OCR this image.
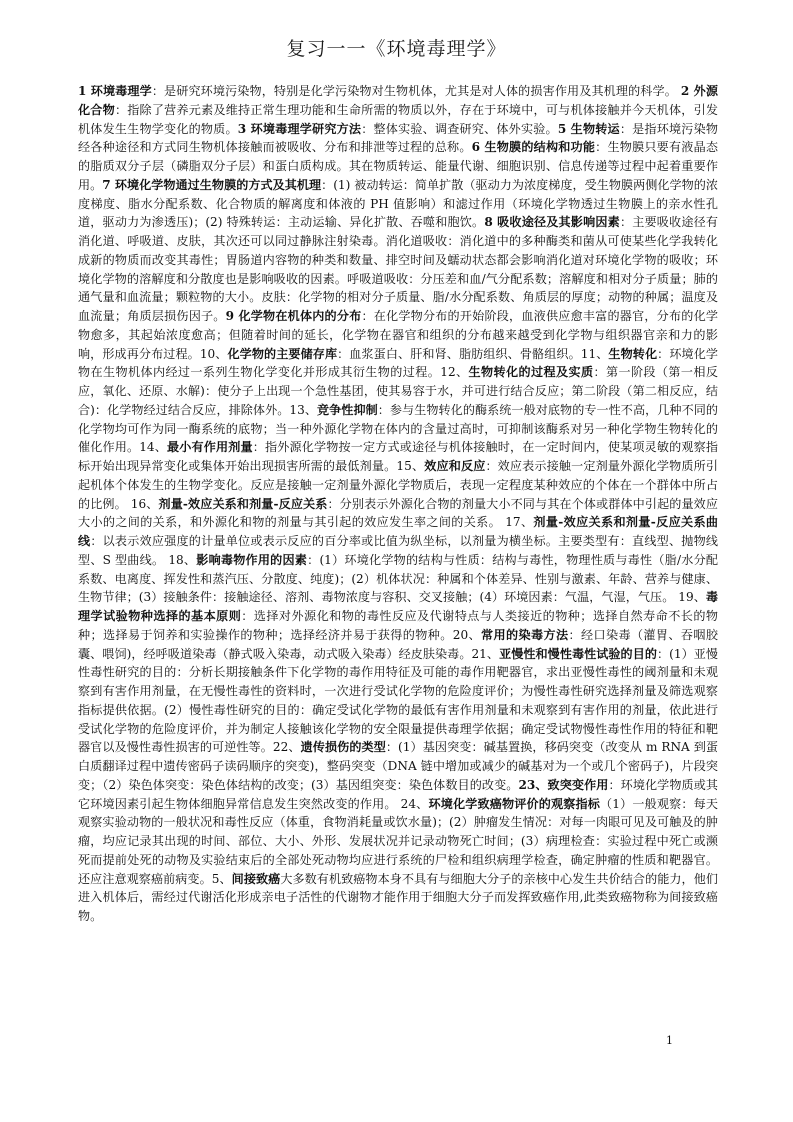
复习一一《环境毒理学》
1 环境毒理学：是研究环境污染物，特别是化学污染物对生物机体，尤其是对人体的损害作用及其机理的科学。 2 外源化合物：指除了营养元素及维持正常生理功能和生命所需的物质以外，存在于环境中，可与机体接触并今天机体，引发机体发生生物学变化的物质。3 环境毒理学研究方法：整体实验、调查研究、体外实验。5 生物转运：是指环境污染物经各种途径和方式同生物机体接触而被吸收、分布和排泄等过程的总称。6 生物膜的结构和功能：生物膜只要有液晶态的脂质双分子层（磷脂双分子层）和蛋白质构成。其在物质转运、能量代谢、细胞识别、信息传递等过程中起着重要作用。7 环境化学物通过生物膜的方式及其机理：(1) 被动转运：简单扩散（驱动力为浓度梯度，受生物膜两侧化学物的浓度梯度、脂水分配系数、化合物质的解离度和体液的 PH 值影响）和滤过作用（环境化学物透过生物膜上的亲水性孔道，驱动力为渗透压)；(2) 特殊转运：主动运输、异化扩散、吞噬和胞饮。8 吸收途径及其影响因素：主要吸收途径有消化道、呼吸道、皮肤，其次还可以同过静脉注射染毒。消化道吸收：消化道中的多种酶类和菌从可使某些化学我转化成新的物质而改变其毒性；胃肠道内容物的种类和数量、排空时间及蠕动状态都会影响消化道对环境化学物的吸收；环境化学物的溶解度和分散度也是影响吸收的因素。呼吸道吸收：分压差和血/气分配系数；溶解度和相对分子质量；肺的通气量和血流量；颗粒物的大小。皮肤：化学物的相对分子质量、脂/水分配系数、角质层的厚度；动物的种属；温度及血流量；角质层损伤因子。9 化学物在机体内的分布：在化学物分布的开始阶段，血液供应愈丰富的器官，分布的化学物愈多，其起始浓度愈高；但随着时间的延长，化学物在器官和组织的分布越来越受到化学物与组织器官亲和力的影响，形成再分布过程。10、化学物的主要储存库：血浆蛋白、肝和肾、脂肪组织、骨骼组织。11、生物转化：环境化学物在生物机体内经过一系列生物化学变化并形成其衍生物的过程。12、生物转化的过程及实质：第一阶段（第一相反应，氧化、还原、水解)：使分子上出现一个急性基团，使其易容于水，并可进行结合反应；第二阶段（第二相反应，结合)：化学物经过结合反应，排除体外。13、竞争性抑制：参与生物转化的酶系统一般对底物的专一性不高，几种不同的化学物均可作为同一酶系统的底物；当一种外源化学物在体内的含量过高时，可抑制该酶系对另一种化学物生物转化的催化作用。14、最小有作用剂量：指外源化学物按一定方式或途径与机体接触时，在一定时间内，使某项灵敏的观察指标开始出现异常变化或集体开始出现损害所需的最低剂量。15、效应和反应：效应表示接触一定剂量外源化学物质所引起机体个体发生的生物学变化。反应是接触一定剂量外源化学物质后，表现一定程度某种效应的个体在一个群体中所占的比例。 16、剂量-效应关系和剂量-反应关系：分别表示外源化合物的剂量大小不同与其在个体或群体中引起的量效应大小的之间的关系，和外源化和物的剂量与其引起的效应发生率之间的关系。 17、剂量-效应关系和剂量-反应关系曲线：以表示效应强度的计量单位或表示反应的百分率或比值为纵坐标，以剂量为横坐标。主要类型有：直线型、抛物线型、S 型曲线。 18、影响毒物作用的因素：(1）环境化学物的结构与性质：结构与毒性，物理性质与毒性（脂/水分配系数、电离度、挥发性和蒸汽压、分散度、纯度)；(2）机体状况：种属和个体差异、性别与激素、年龄、营养与健康、生物节律；(3）接触条件：接触途径、溶剂、毒物浓度与容积、交叉接触；(4）环境因素：气温，气湿，气压。 19、毒理学试验物种选择的基本原则：选择对外源化和物的毒性反应及代谢特点与人类接近的物种；选择自然寿命不长的物种；选择易于饲养和实验操作的物种；选择经济并易于获得的物种。20、常用的染毒方法：经口染毒（灌胃、吞咽胶囊、喂饲)，经呼吸道染毒（静式吸入染毒，动式吸入染毒）经皮肤染毒。21、亚慢性和慢性毒性试验的目的：(1）亚慢性毒性研究的目的：分析长期接触条件下化学物的毒作用特征及可能的毒作用靶器官，求出亚慢性毒性的阈剂量和未观察到有害作用剂量，在无慢性毒性的资料时，一次进行受试化学物的危险度评价；为慢性毒性研究选择剂量及筛选观察指标提供依据。(2）慢性毒性研究的目的：确定受试化学物的最低有害作用剂量和未观察到有害作用的剂量，依此进行受试化学物的危险度评价，并为制定人接触该化学物的安全限量提供毒理学依据；确定受试物慢性毒性作用的特征和靶器官以及慢性毒性损害的可逆性等。22、遗传损伤的类型：(1）基因突变：碱基置换，移码突变（改变从 m RNA 到蛋白质翻译过程中遗传密码子读码顺序的突变)，整码突变（DNA 链中增加或减少的碱基对为一个或几个密码子)，片段突变；（2）染色体突变：染色体结构的改变；(3）基因组突变：染色体数目的改变。23、致突变作用：环境化学物质或其它环境因素引起生物体细胞异常信息发生突然改变的作用。 24、环境化学致癌物评价的观察指标（1）一般观察：每天观察实验动物的一般状况和毒性反应（体重，食物消耗量或饮水量)；(2）肿瘤发生情况：对每一肉眼可见及可触及的肿瘤，均应记录其出现的时间、部位、大小、外形、发展状况并记录动物死亡时间；(3）病理检查：实验过程中死亡或濒死而提前处死的动物及实验结束后的全部处死动物均应进行系统的尸检和组织病理学检查，确定肿瘤的性质和靶器官。还应注意观察癌前病变。5、间接致癌大多数有机致癌物本身不具有与细胞大分子的亲核中心发生共价结合的能力，他们进入机体后，需经过代谢活化形成亲电子活性的代谢物才能作用于细胞大分子而发挥致癌作用,此类致癌物称为间接致癌物。
1
